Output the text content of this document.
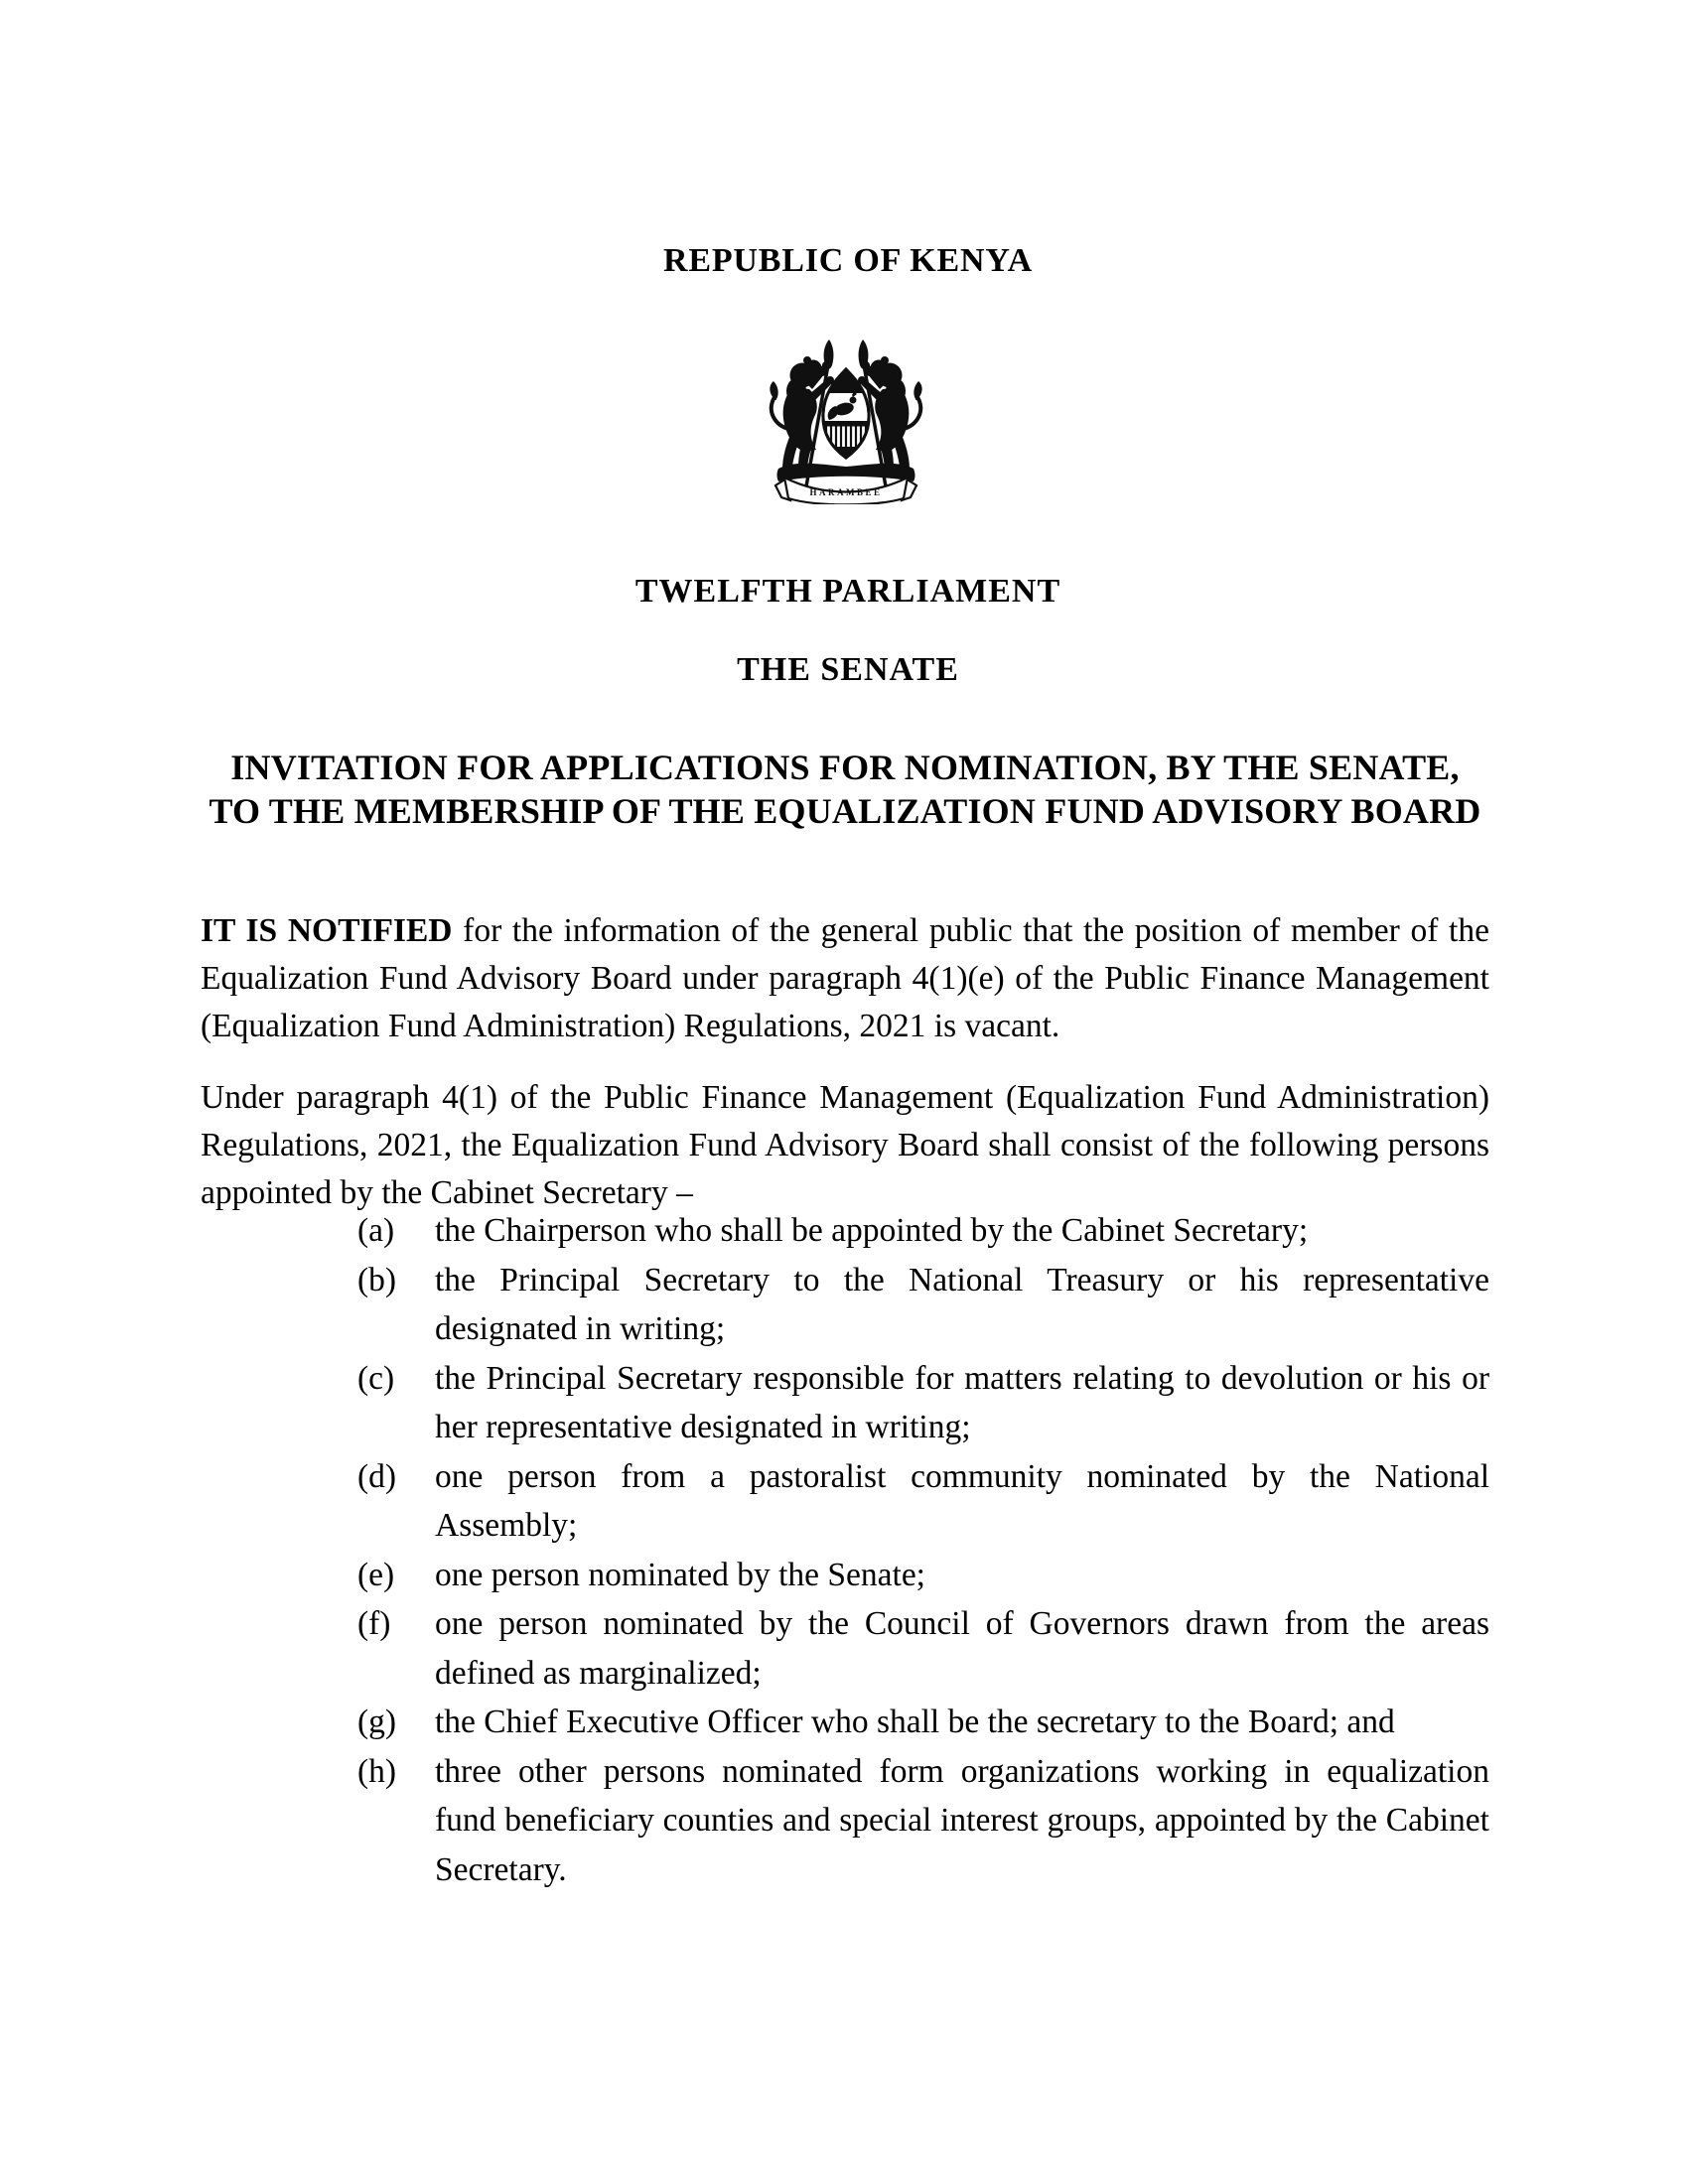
REPUBLIC OF KENYA
HARAMBEE
TWELFTH PARLIAMENT
THE SENATE
INVITATION FOR APPLICATIONS FOR NOMINATION, BY THE SENATE,
TO THE MEMBERSHIP OF THE EQUALIZATION FUND ADVISORY BOARD

IT IS NOTIFIED for the information of the general public that the position of member of the Equalization Fund Advisory Board under paragraph 4(1)(e) of the Public Finance Management (Equalization Fund Administration) Regulations, 2021 is vacant.

Under paragraph 4(1) of the Public Finance Management (Equalization Fund Administration) Regulations, 2021, the Equalization Fund Advisory Board shall consist of the following persons appointed by the Cabinet Secretary –

(a) the Chairperson who shall be appointed by the Cabinet Secretary;
(b) the Principal Secretary to the National Treasury or his representative designated in writing;
(c) the Principal Secretary responsible for matters relating to devolution or his or her representative designated in writing;
(d) one person from a pastoralist community nominated by the National Assembly;
(e) one person nominated by the Senate;
(f) one person nominated by the Council of Governors drawn from the areas defined as marginalized;
(g) the Chief Executive Officer who shall be the secretary to the Board; and
(h) three other persons nominated form organizations working in equalization fund beneficiary counties and special interest groups, appointed by the Cabinet Secretary.
